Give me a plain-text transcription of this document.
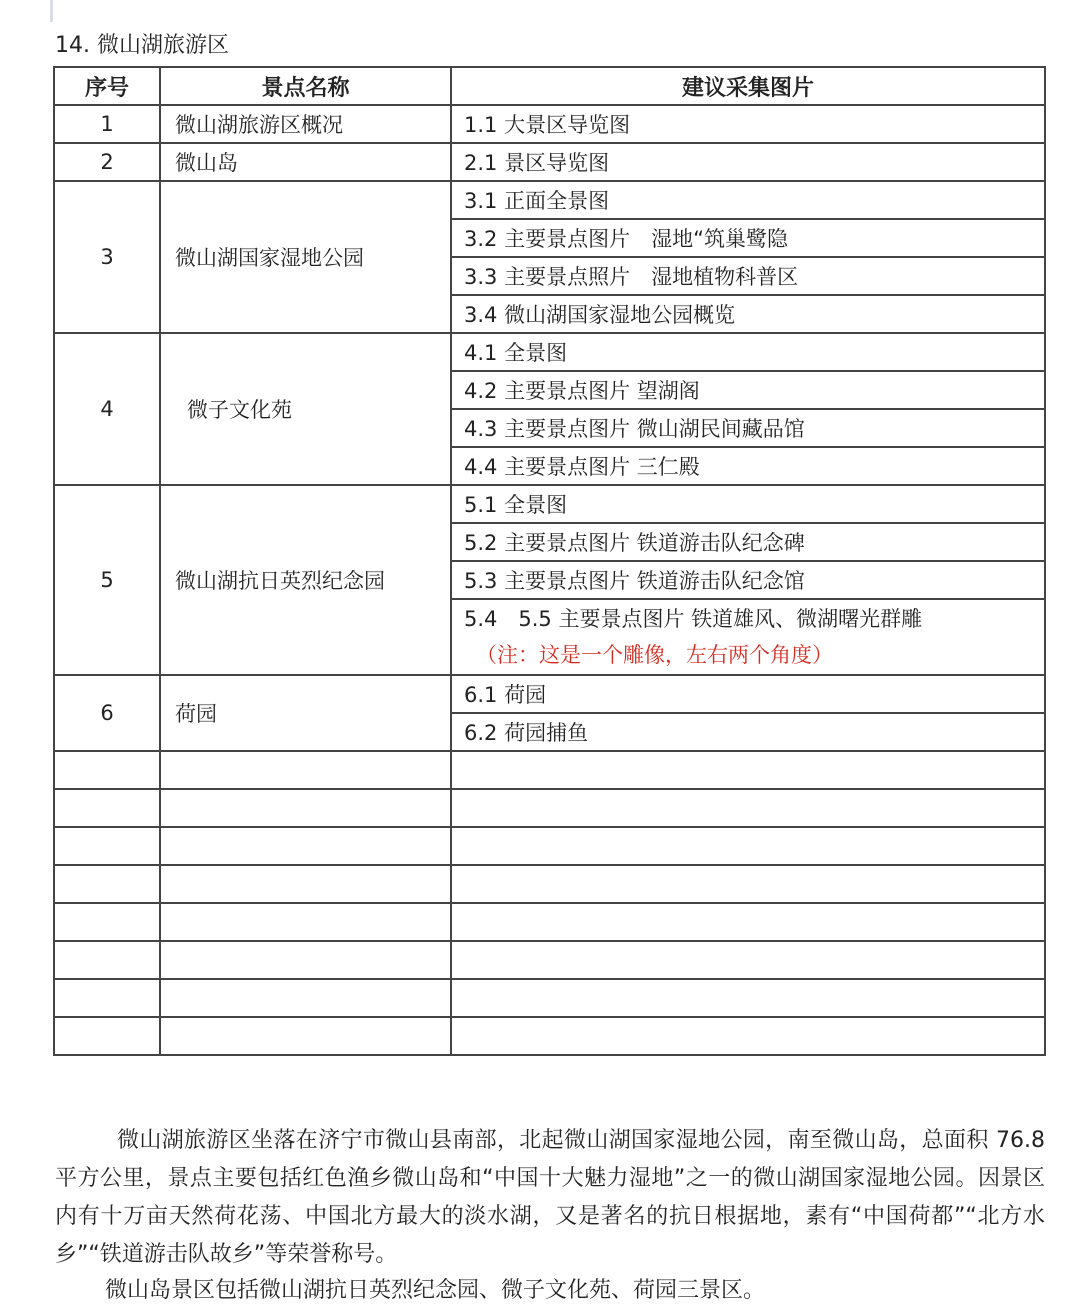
14. 微山湖旅游区
序号	景点名称	建议采集图片
1	微山湖旅游区概况	1.1 大景区导览图
2	微山岛	2.1 景区导览图
3	微山湖国家湿地公园	3.1 正面全景图
		3.2 主要景点图片　湿地“筑巢鹭隐
		3.3 主要景点照片　湿地植物科普区
		3.4 微山湖国家湿地公园概览
4	微子文化苑	4.1 全景图
		4.2 主要景点图片 望湖阁
		4.3 主要景点图片 微山湖民间藏品馆
		4.4 主要景点图片 三仁殿
5	微山湖抗日英烈纪念园	5.1 全景图
		5.2 主要景点图片 铁道游击队纪念碑
		5.3 主要景点图片 铁道游击队纪念馆
		5.4　5.5 主要景点图片 铁道雄风、微湖曙光群雕
（注：这是一个雕像，左右两个角度）

6	荷园	6.1 荷园
		6.2 荷园捕鱼

微山湖旅游区坐落在济宁市微山县南部，北起微山湖国家湿地公园，南至微山岛，总面积 76.8 平方公里，景点主要包括红色渔乡微山岛和“中国十大魅力湿地”之一的微山湖国家湿地公园。因景区内有十万亩天然荷花荡、中国北方最大的淡水湖，又是著名的抗日根据地，素有“中国荷都”“北方水乡”“铁道游击队故乡”等荣誉称号。

微山岛景区包括微山湖抗日英烈纪念园、微子文化苑、荷园三景区。
